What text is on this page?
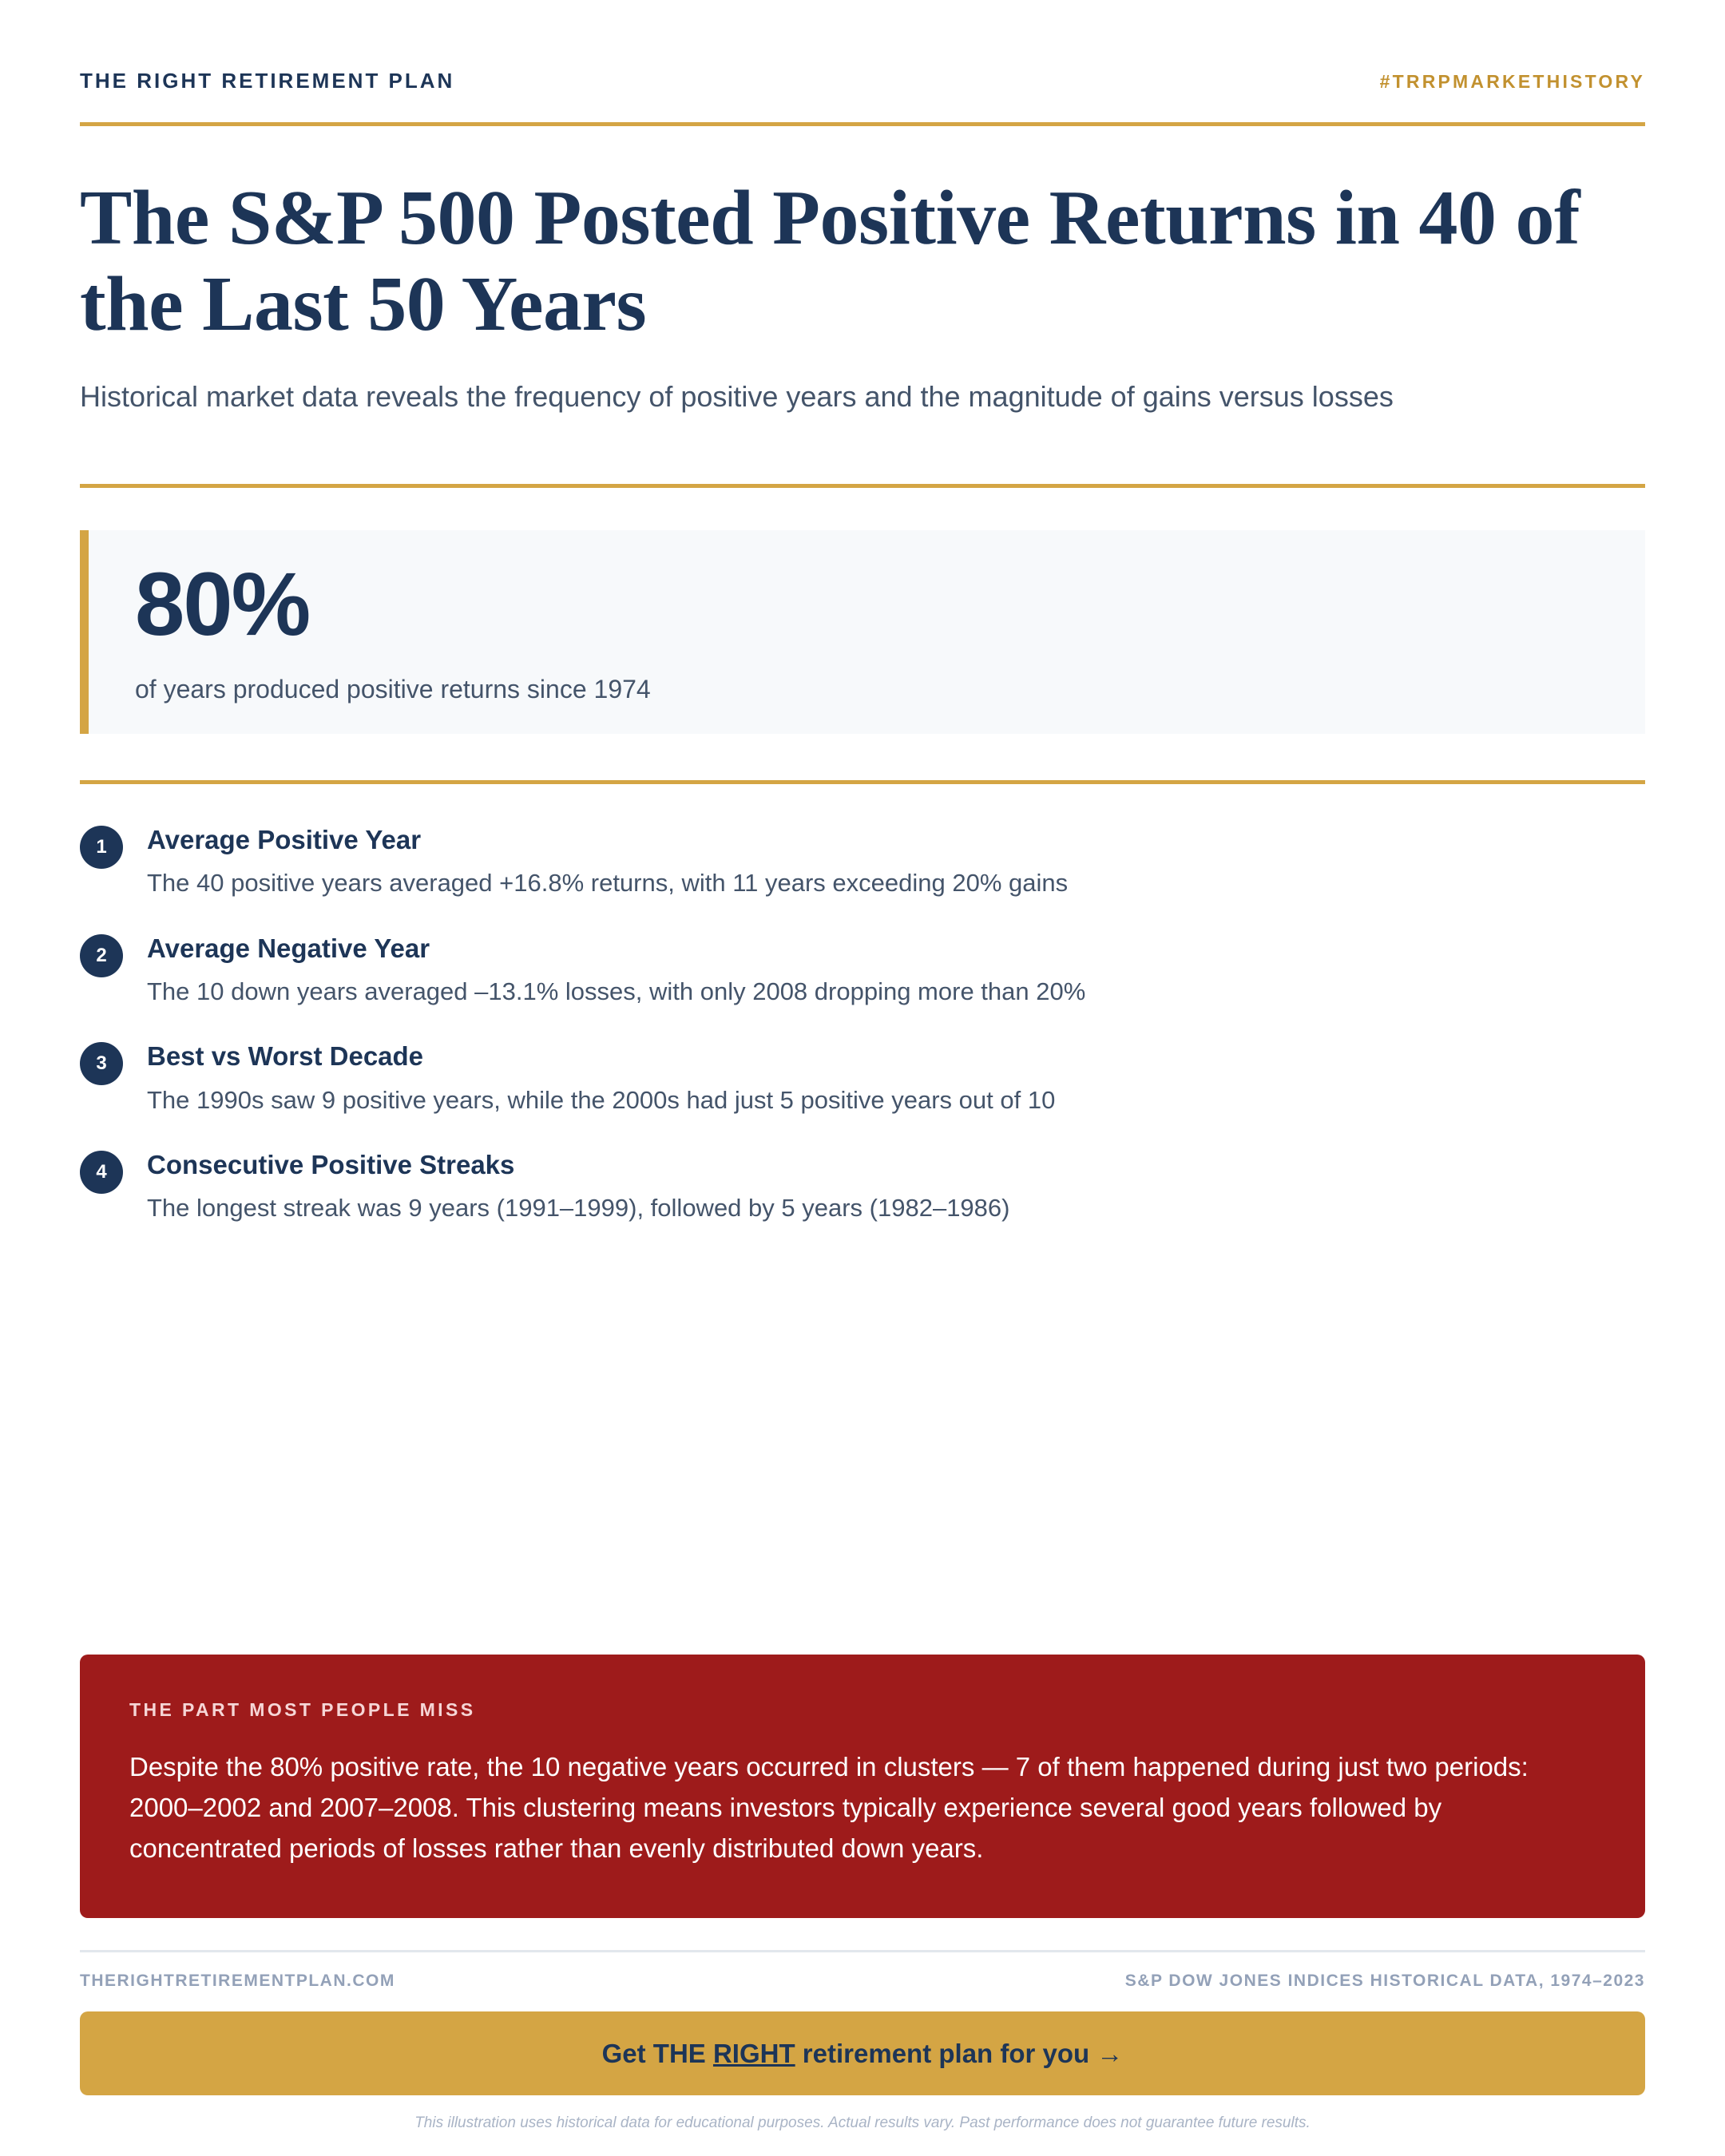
THE RIGHT RETIREMENT PLAN	#TRRPMARKETHISTORY
The S&P 500 Posted Positive Returns in 40 of the Last 50 Years

Historical market data reveals the frequency of positive years and the magnitude of gains versus losses

80%
of years produced positive returns since 1974
1	Average Positive Year
The 40 positive years averaged +16.8% returns, with 11 years exceeding 20% gains
2	Average Negative Year
The 10 down years averaged –13.1% losses, with only 2008 dropping more than 20%
3	Best vs Worst Decade
The 1990s saw 9 positive years, while the 2000s had just 5 positive years out of 10
4	Consecutive Positive Streaks
The longest streak was 9 years (1991–1999), followed by 5 years (1982–1986)
THE PART MOST PEOPLE MISS
Despite the 80% positive rate, the 10 negative years occurred in clusters — 7 of them happened during just two periods: 2000–2002 and 2007–2008. This clustering means investors typically experience several good years followed by concentrated periods of losses rather than evenly distributed down years.
THERIGHTRETIREMENTPLAN.COM	S&P DOW JONES INDICES HISTORICAL DATA, 1974–2023
Get THE RIGHT retirement plan for you →
This illustration uses historical data for educational purposes. Actual results vary. Past performance does not guarantee future results.
